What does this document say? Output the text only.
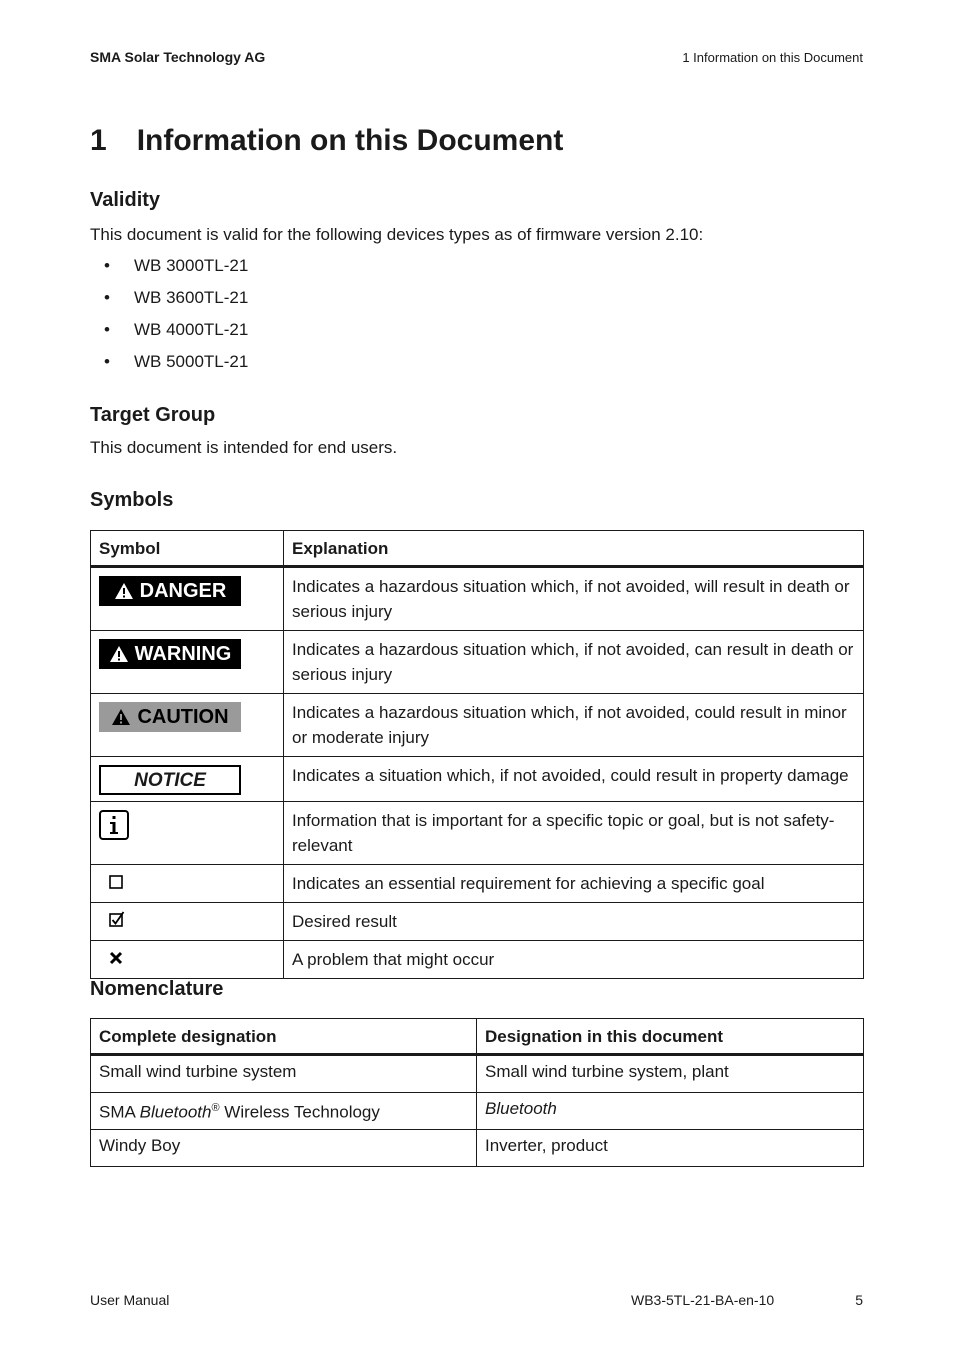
SMA Solar Technology AG	1 Information on this Document
1 Information on this Document
Validity
This document is valid for the following devices types as of firmware version 2.10:
•	WB 3000TL-21
•	WB 3600TL-21
•	WB 4000TL-21
•	WB 5000TL-21
Target Group
This document is intended for end users.
Symbols
Symbol	Explanation

DANGER	Indicates a hazardous situation which, if not avoided, will result in death or serious injury

WARNING	Indicates a hazardous situation which, if not avoided, can result in death or serious injury

CAUTION	Indicates a hazardous situation which, if not avoided, could result in minor or moderate injury
NOTICE	Indicates a situation which, if not avoided, could result in property damage

	Information that is important for a specific topic or goal, but is not safety-relevant
	Indicates an essential requirement for achieving a specific goal
	Desired result
	A problem that might occur
Nomenclature
Complete designation	Designation in this document
Small wind turbine system	Small wind turbine system, plant
SMA Bluetooth® Wireless Technology	Bluetooth
Windy Boy	Inverter, product
User Manual	WB3-5TL-21-BA-en-10	5
